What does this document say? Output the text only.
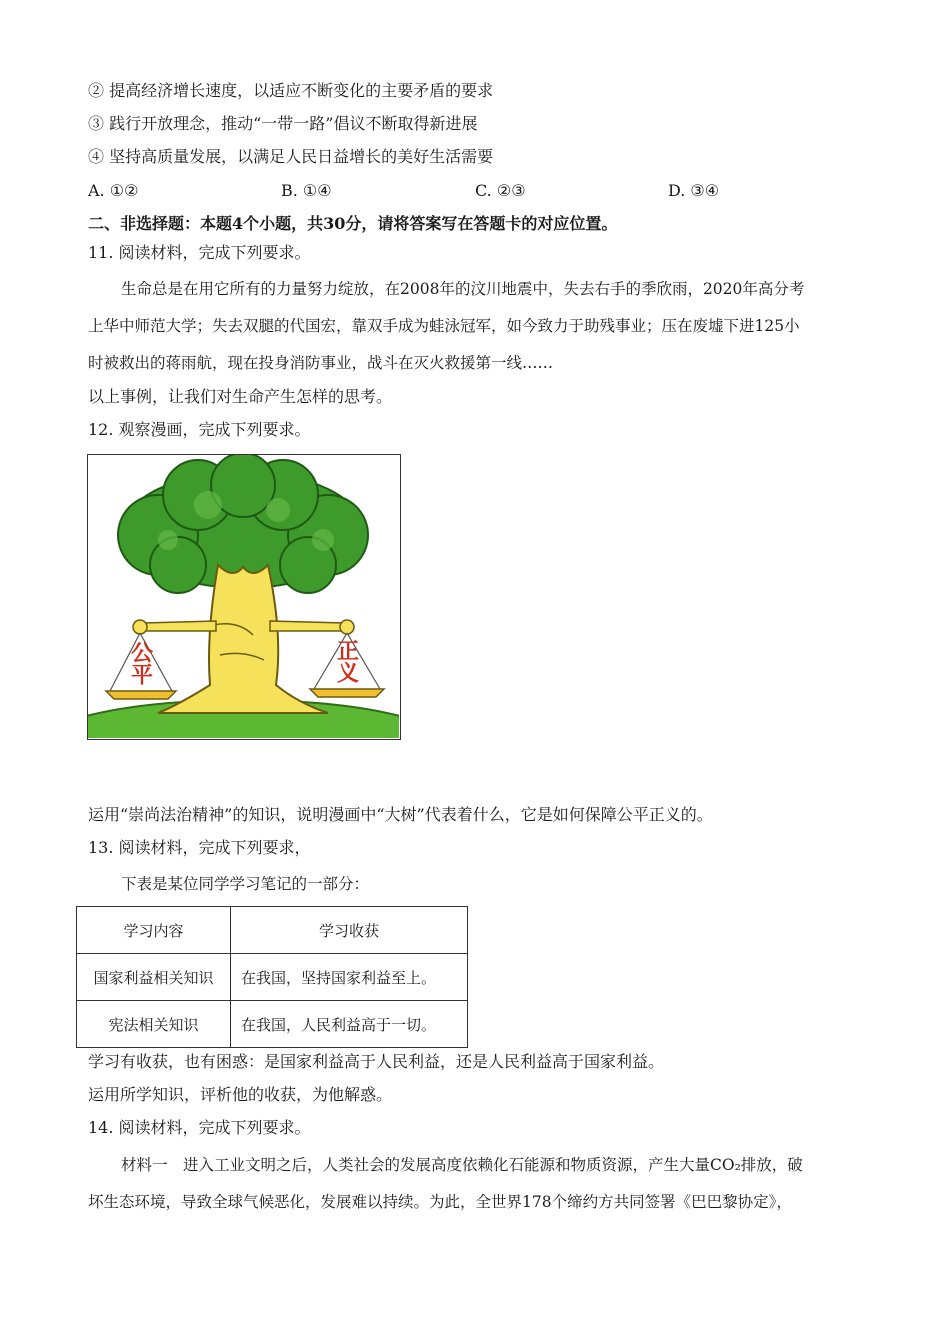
② 提高经济增长速度，以适应不断变化的主要矛盾的要求
③ 践行开放理念，推动“一带一路”倡议不断取得新进展
④ 坚持高质量发展，以满足人民日益增长的美好生活需要
A. ①②	B. ①④	C. ②③	D. ③④
二、非选择题：本题4个小题，共30分，请将答案写在答题卡的对应位置。
11. 阅读材料，完成下列要求。
生命总是在用它所有的力量努力绽放，在2008年的汶川地震中，失去右手的季欣雨，2020年高分考
上华中师范大学；失去双腿的代国宏，靠双手成为蛙泳冠军，如今致力于助残事业；压在废墟下进125小
时被救出的蒋雨航，现在投身消防事业，战斗在灭火救援第一线……
以上事例，让我们对生命产生怎样的思考。
12. 观察漫画，完成下列要求。
公平	正义
运用“崇尚法治精神”的知识，说明漫画中“大树”代表着什么，它是如何保障公平正义的。
13. 阅读材料，完成下列要求，
下表是某位同学学习笔记的一部分：
学习内容	学习收获
国家利益相关知识	在我国，坚持国家利益至上。
宪法相关知识	在我国，人民利益高于一切。
学习有收获，也有困惑：是国家利益高于人民利益，还是人民利益高于国家利益。
运用所学知识，评析他的收获，为他解惑。
14. 阅读材料，完成下列要求。
材料一　进入工业文明之后，人类社会的发展高度依赖化石能源和物质资源，产生大量CO₂排放，破
坏生态环境，导致全球气候恶化，发展难以持续。为此，全世界178个缔约方共同签署《巴巴黎协定》，
